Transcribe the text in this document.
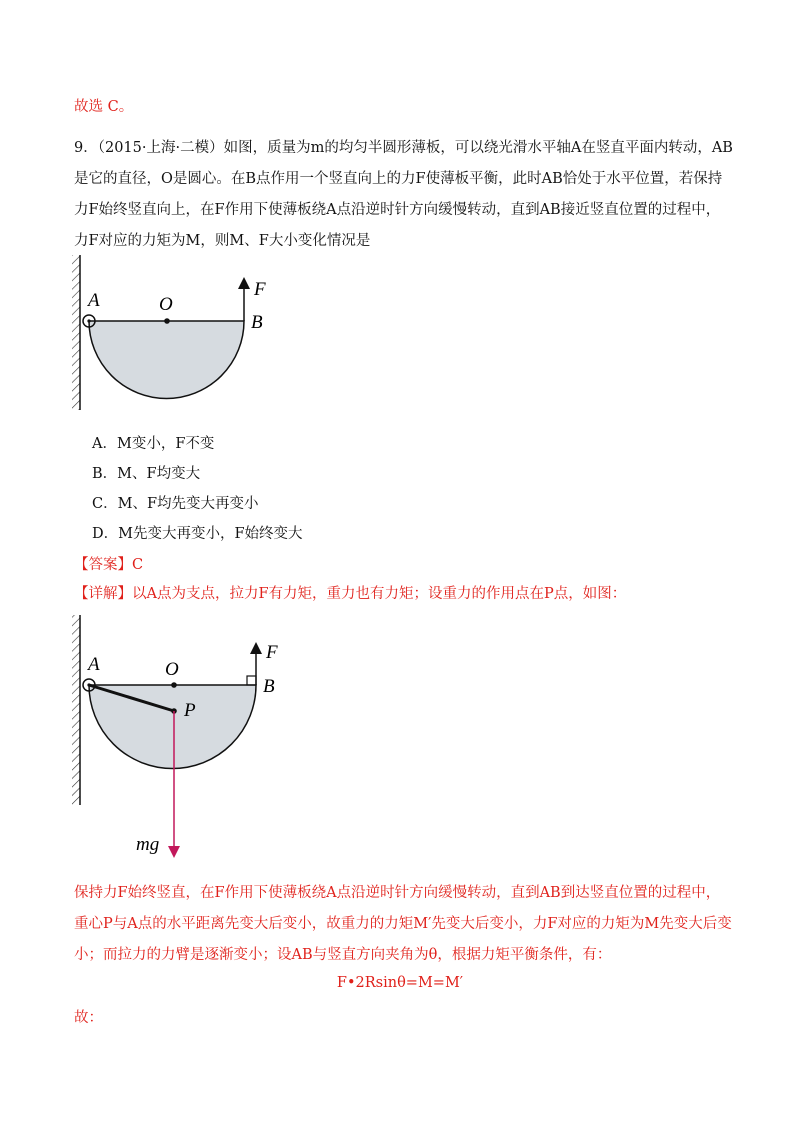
故选 C。
9．（2015·上海·二模）如图，质量为m的均匀半圆形薄板，可以绕光滑水平轴A在竖直平面内转动，AB是它的直径，O是圆心。在B点作用一个竖直向上的力F使薄板平衡，此时AB恰处于水平位置，若保持力F始终竖直向上，在F作用下使薄板绕A点沿逆时针方向缓慢转动，直到AB接近竖直位置的过程中，力F对应的力矩为M，则M、F大小变化情况是
A	O
B
F
A．M变小，F不变
B．M、F均变大
C．M、F均先变大再变小
D．M先变大再变小，F始终变大
【答案】C
【详解】以A点为支点，拉力F有力矩，重力也有力矩；设重力的作用点在P点，如图：
A	O
B
F
P
mg
保持力F始终竖直，在F作用下使薄板绕A点沿逆时针方向缓慢转动，直到AB到达竖直位置的过程中，重心P与A点的水平距离先变大后变小，故重力的力矩M′先变大后变小，力F对应的力矩为M先变大后变小；而拉力的力臂是逐渐变小；设AB与竖直方向夹角为θ，根据力矩平衡条件，有：
F•2Rsinθ=M=M′
故：
